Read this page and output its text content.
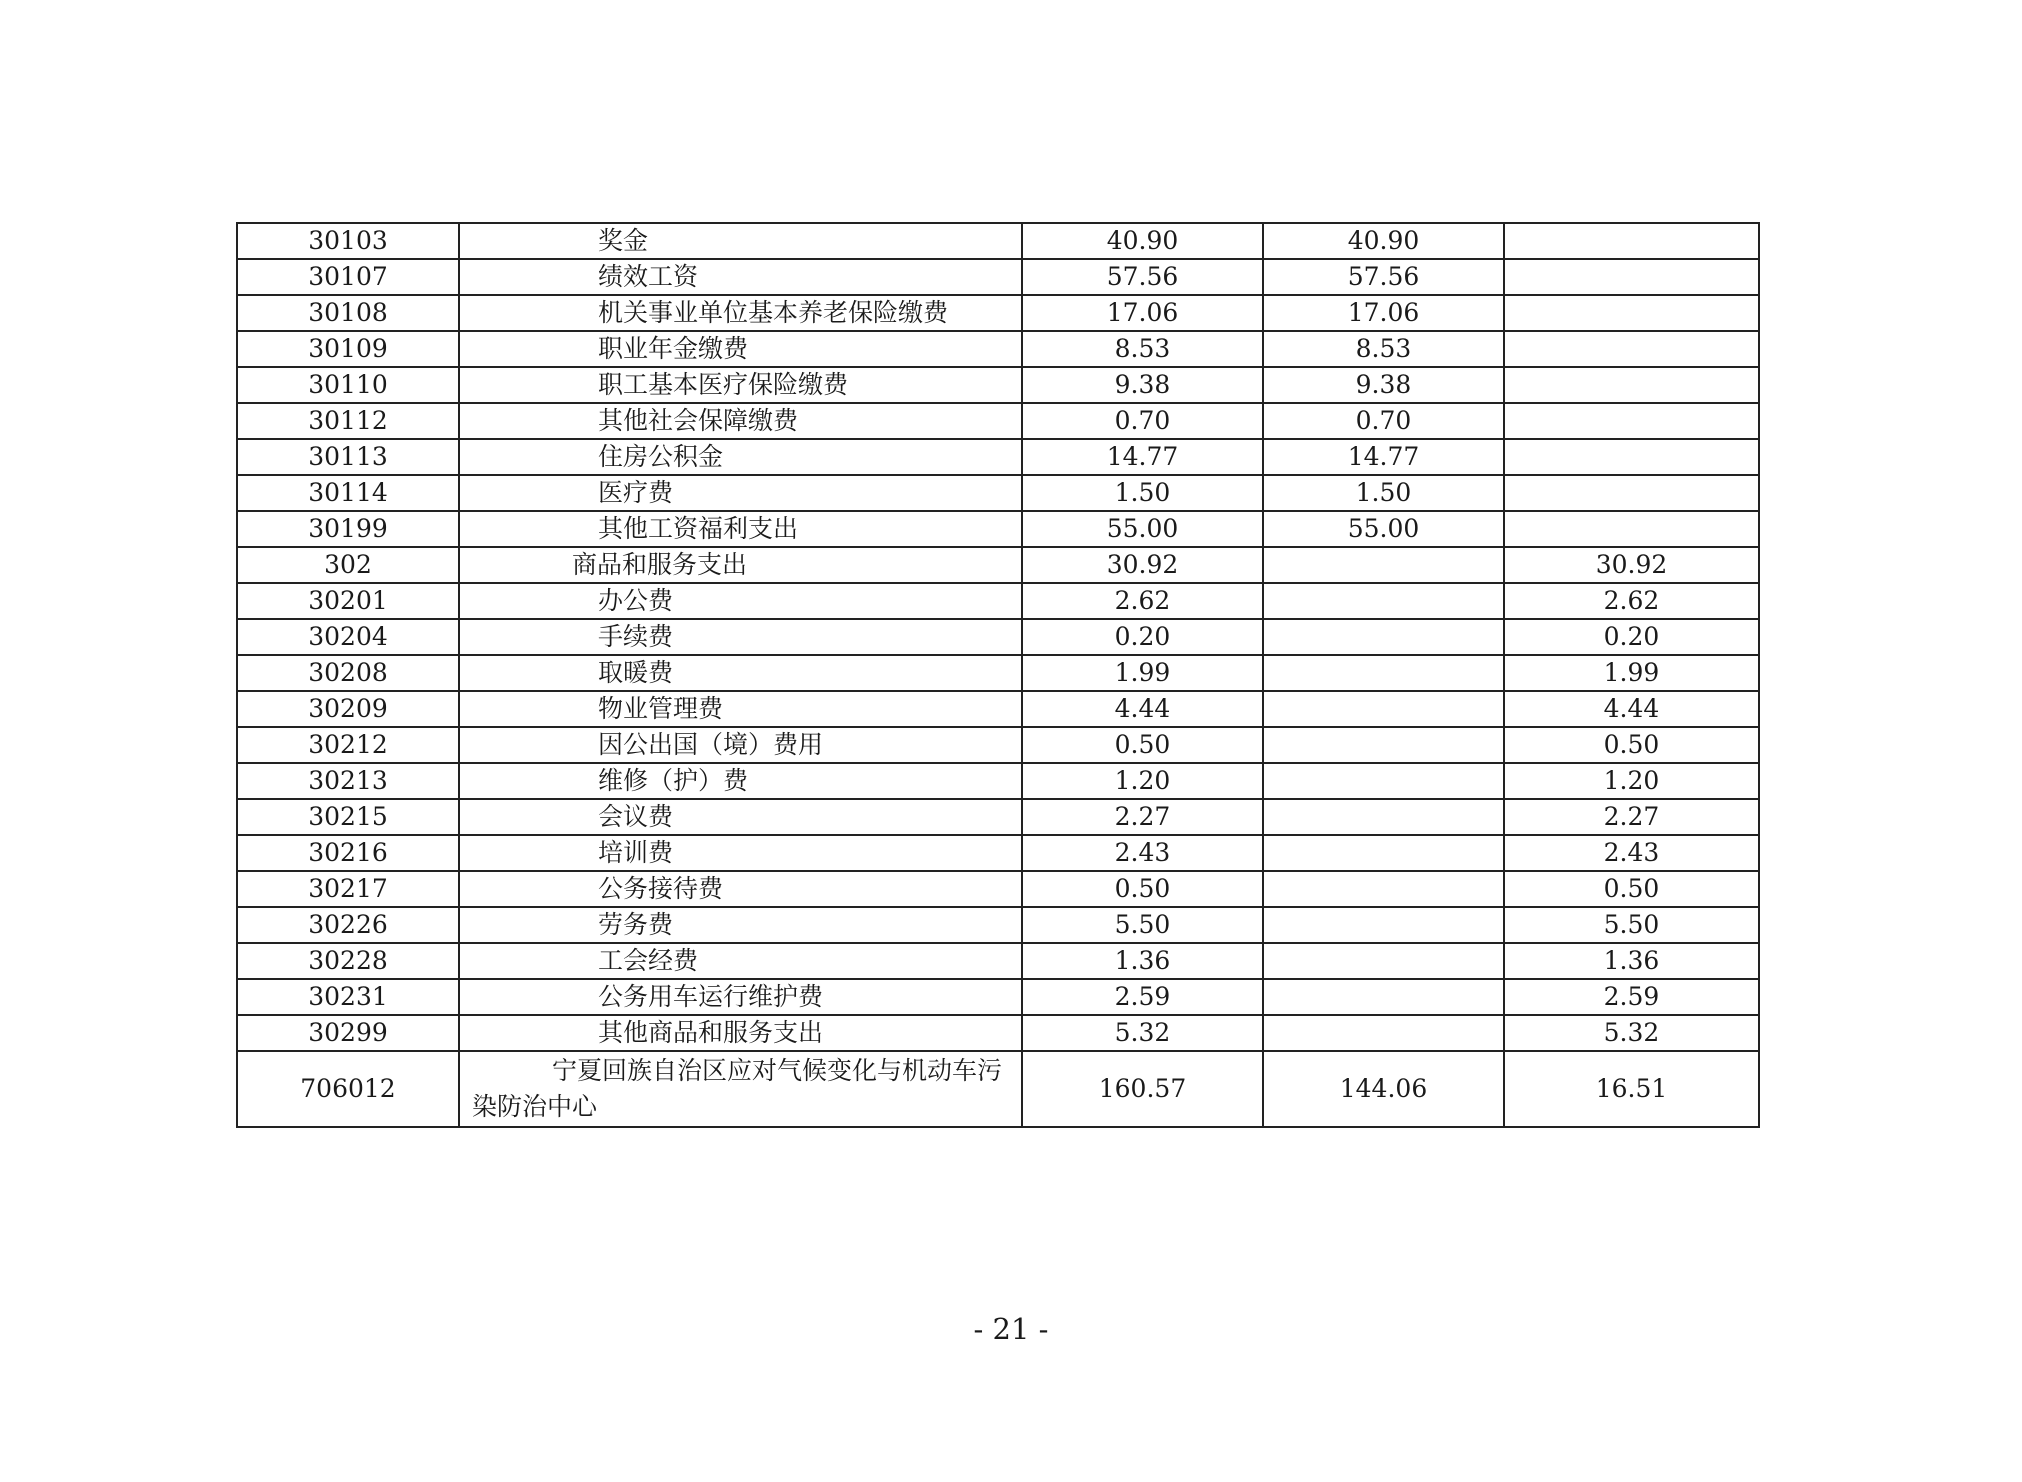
30103	奖金	40.90	40.90	
30107	绩效工资	57.56	57.56	
30108	机关事业单位基本养老保险缴费	17.06	17.06	
30109	职业年金缴费	8.53	8.53	
30110	职工基本医疗保险缴费	9.38	9.38	
30112	其他社会保障缴费	0.70	0.70	
30113	住房公积金	14.77	14.77	
30114	医疗费	1.50	1.50	
30199	其他工资福利支出	55.00	55.00	
302	商品和服务支出	30.92		30.92
30201	办公费	2.62		2.62
30204	手续费	0.20		0.20
30208	取暖费	1.99		1.99
30209	物业管理费	4.44		4.44
30212	因公出国（境）费用	0.50		0.50
30213	维修（护）费	1.20		1.20
30215	会议费	2.27		2.27
30216	培训费	2.43		2.43
30217	公务接待费	0.50		0.50
30226	劳务费	5.50		5.50
30228	工会经费	1.36		1.36
30231	公务用车运行维护费	2.59		2.59
30299	其他商品和服务支出	5.32		5.32
706012	宁夏回族自治区应对气候变化与机动车污染防治中心	160.57	144.06	16.51
- 21 -
